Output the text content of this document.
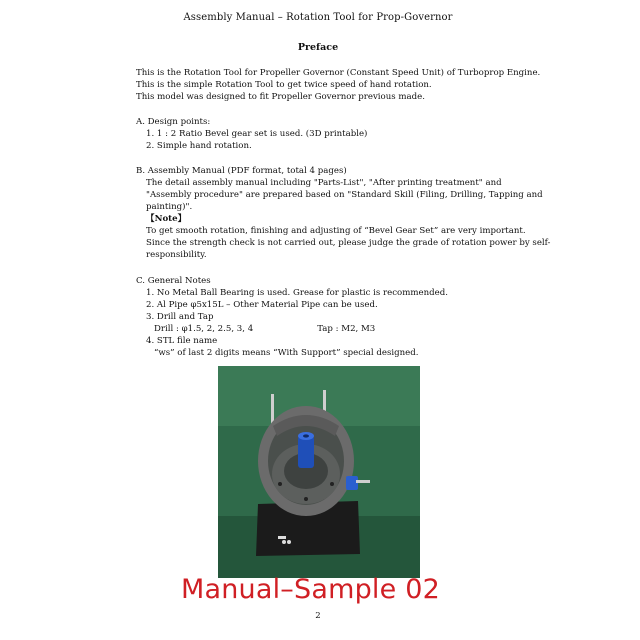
Assembly Manual – Rotation Tool for Prop-Governor
Preface
This is the Rotation Tool for Propeller Governor (Constant Speed Unit) of Turboprop Engine.
This is the simple Rotation Tool to get twice speed of hand rotation.
This model was designed to fit Propeller Governor previous made.
A. Design points:
1. 1 : 2 Ratio Bevel gear set is used. (3D printable)
2. Simple hand rotation.
B. Assembly Manual (PDF format, total 4 pages)
The detail assembly manual including "Parts-List", "After printing treatment" and
"Assembly procedure" are prepared based on "Standard Skill (Filing, Drilling, Tapping and
painting)".
【Note】
To get smooth rotation, finishing and adjusting of “Bevel Gear Set” are very important.
Since the strength check is not carried out, please judge the grade of rotation power by self-
responsibility.
C. General Notes
1. No Metal Ball Bearing is used. Grease for plastic is recommended.
2. Al Pipe φ5x15L – Other Material Pipe can be used.
3. Drill and Tap
Drill : φ1.5, 2, 2.5, 3, 4	Tap : M2, M3
4. STL file name
“ws” of last 2 digits means “With Support” special designed.
Manual–Sample 02
2
